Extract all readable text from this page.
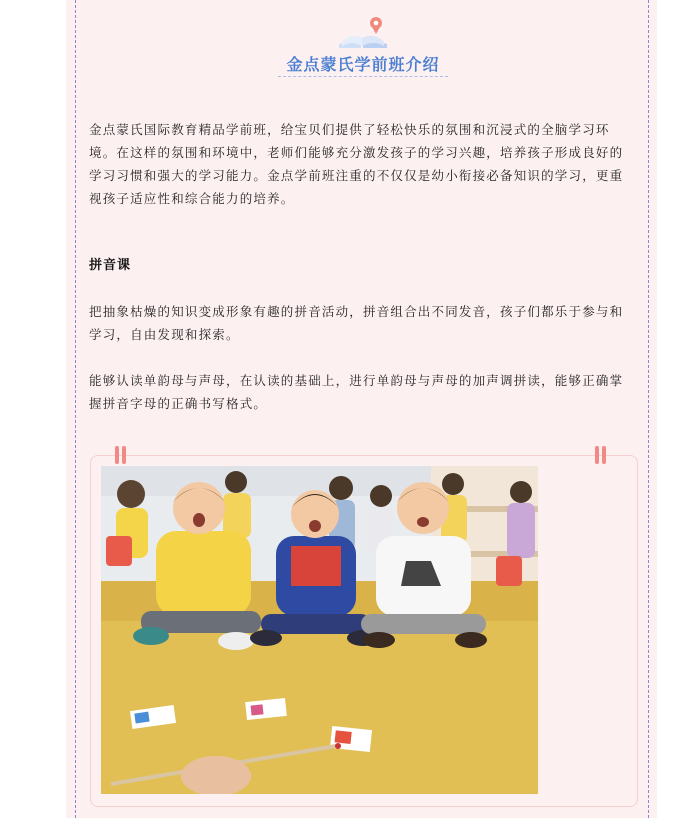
金点蒙氏学前班介绍

金点蒙氏国际教育精品学前班，给宝贝们提供了轻松快乐的氛围和沉浸式的全脑学习环境。在这样的氛围和环境中，老师们能够充分激发孩子的学习兴趣，培养孩子形成良好的学习习惯和强大的学习能力。金点学前班注重的不仅仅是幼小衔接必备知识的学习，更重视孩子适应性和综合能力的培养。

拼音课

把抽象枯燥的知识变成形象有趣的拼音活动，拼音组合出不同发音，孩子们都乐于参与和学习，自由发现和探索。

能够认读单韵母与声母，在认读的基础上，进行单韵母与声母的加声调拼读，能够正确掌握拼音字母的正确书写格式。
